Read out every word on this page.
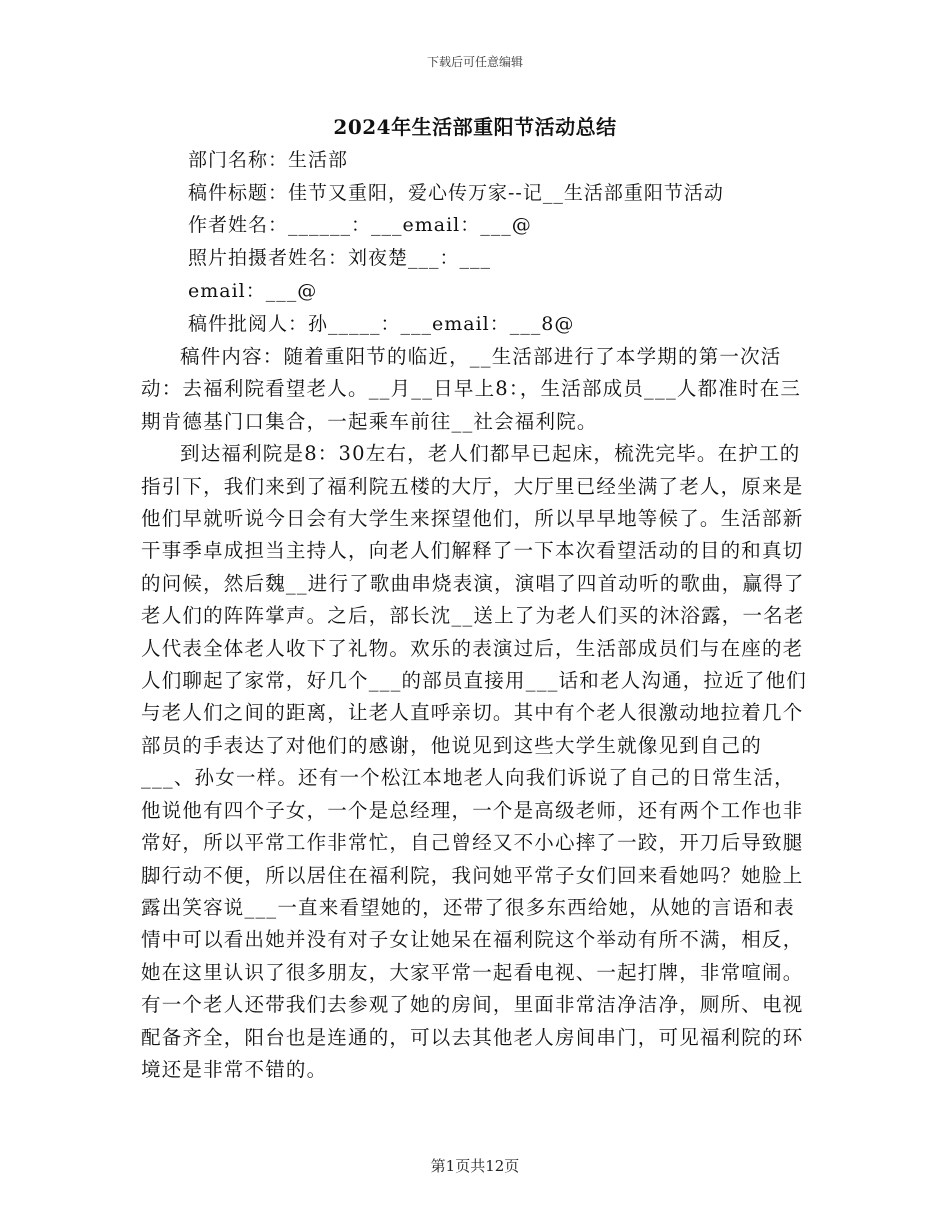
下载后可任意编辑
2024年生活部重阳节活动总结
部门名称：生活部
稿件标题：佳节又重阳，爱心传万家--记__生活部重阳节活动
作者姓名：______：___email：___@
照片拍摄者姓名：刘夜楚___：___
email：___@
稿件批阅人：孙_____：___email：___8@

稿件内容：随着重阳节的临近，__生活部进行了本学期的第一次活动：去福利院看望老人。__月__日早上8：，生活部成员___人都准时在三期肯德基门口集合，一起乘车前往__社会福利院。

到达福利院是8：30左右，老人们都早已起床，梳洗完毕。在护工的指引下，我们来到了福利院五楼的大厅，大厅里已经坐满了老人，原来是他们早就听说今日会有大学生来探望他们，所以早早地等候了。生活部新干事季卓成担当主持人，向老人们解释了一下本次看望活动的目的和真切的问候，然后魏__进行了歌曲串烧表演，演唱了四首动听的歌曲，赢得了老人们的阵阵掌声。之后，部长沈__送上了为老人们买的沐浴露，一名老人代表全体老人收下了礼物。欢乐的表演过后，生活部成员们与在座的老人们聊起了家常，好几个___的部员直接用___话和老人沟通，拉近了他们与老人们之间的距离，让老人直呼亲切。其中有个老人很激动地拉着几个部员的手表达了对他们的感谢，他说见到这些大学生就像见到自己的___、孙女一样。还有一个松江本地老人向我们诉说了自己的日常生活，他说他有四个子女，一个是总经理，一个是高级老师，还有两个工作也非常好，所以平常工作非常忙，自己曾经又不小心摔了一跤，开刀后导致腿脚行动不便，所以居住在福利院，我问她平常子女们回来看她吗？她脸上露出笑容说___一直来看望她的，还带了很多东西给她，从她的言语和表情中可以看出她并没有对子女让她呆在福利院这个举动有所不满，相反，她在这里认识了很多朋友，大家平常一起看电视、一起打牌，非常喧闹。有一个老人还带我们去参观了她的房间，里面非常洁净洁净，厕所、电视配备齐全，阳台也是连通的，可以去其他老人房间串门，可见福利院的环境还是非常不错的。

第1页共12页
